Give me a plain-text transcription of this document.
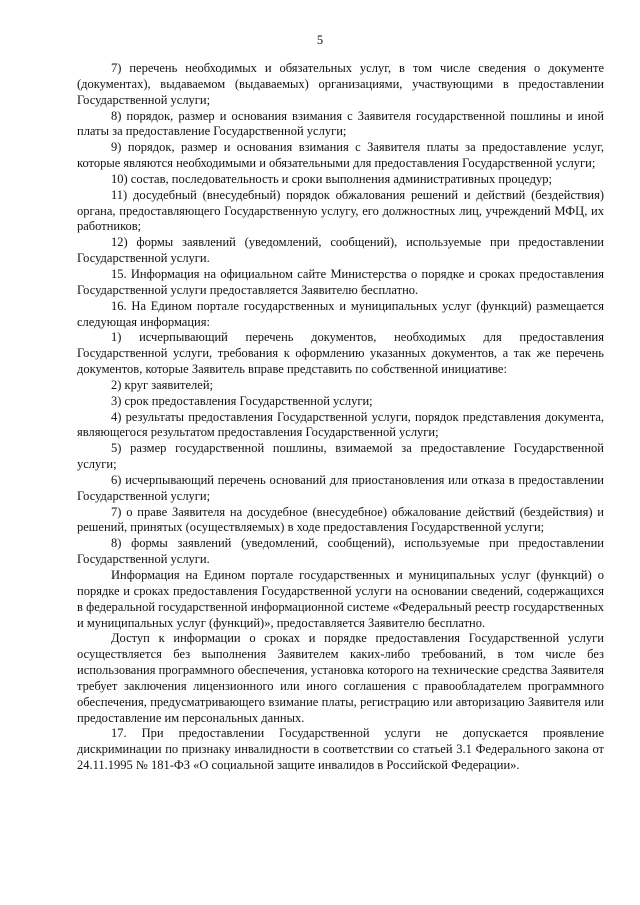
5

7) перечень необходимых и обязательных услуг, в том числе сведения о документе (документах), выдаваемом (выдаваемых) организациями, участвующими в предоставлении Государственной услуги;

8) порядок, размер и основания взимания с Заявителя государственной пошлины и иной платы за предоставление Государственной услуги;

9) порядок, размер и основания взимания с Заявителя платы за предоставление услуг, которые являются необходимыми и обязательными для предоставления Государственной услуги;

10) состав, последовательность и сроки выполнения административных процедур;

11) досудебный (внесудебный) порядок обжалования решений и действий (бездействия) органа, предоставляющего Государственную услугу, его должностных лиц, учреждений МФЦ, их работников;

12) формы заявлений (уведомлений, сообщений), используемые при предоставлении Государственной услуги.

15. Информация на официальном сайте Министерства о порядке и сроках предоставления Государственной услуги предоставляется Заявителю бесплатно.

16. На Едином портале государственных и муниципальных услуг (функций) размещается следующая информация:

1) исчерпывающий перечень документов, необходимых для предоставления Государственной услуги, требования к оформлению указанных документов, а так же перечень документов, которые Заявитель вправе представить по собственной инициативе:

2) круг заявителей;

3) срок предоставления Государственной услуги;

4) результаты предоставления Государственной услуги, порядок представления документа, являющегося результатом предоставления Государственной услуги;

5) размер государственной пошлины, взимаемой за предоставление Государственной услуги;

6) исчерпывающий перечень оснований для приостановления или отказа в предоставлении Государственной услуги;

7) о праве Заявителя на досудебное (внесудебное) обжалование действий (бездействия) и решений, принятых (осуществляемых) в ходе предоставления Государственной услуги;

8) формы заявлений (уведомлений, сообщений), используемые при предоставлении Государственной услуги.

Информация на Едином портале государственных и муниципальных услуг (функций) о порядке и сроках предоставления Государственной услуги на основании сведений, содержащихся в федеральной государственной информационной системе «Федеральный реестр государственных и муниципальных услуг (функций)», предоставляется Заявителю бесплатно.

Доступ к информации о сроках и порядке предоставления Государственной услуги осуществляется без выполнения Заявителем каких-либо требований, в том числе без использования программного обеспечения, установка которого на технические средства Заявителя требует заключения лицензионного или иного соглашения с правообладателем программного обеспечения, предусматривающего взимание платы, регистрацию или авторизацию Заявителя или предоставление им персональных данных.

17. При предоставлении Государственной услуги не допускается проявление дискриминации по признаку инвалидности в соответствии со статьей 3.1 Федерального закона от 24.11.1995 № 181-ФЗ «О социальной защите инвалидов в Российской Федерации».
